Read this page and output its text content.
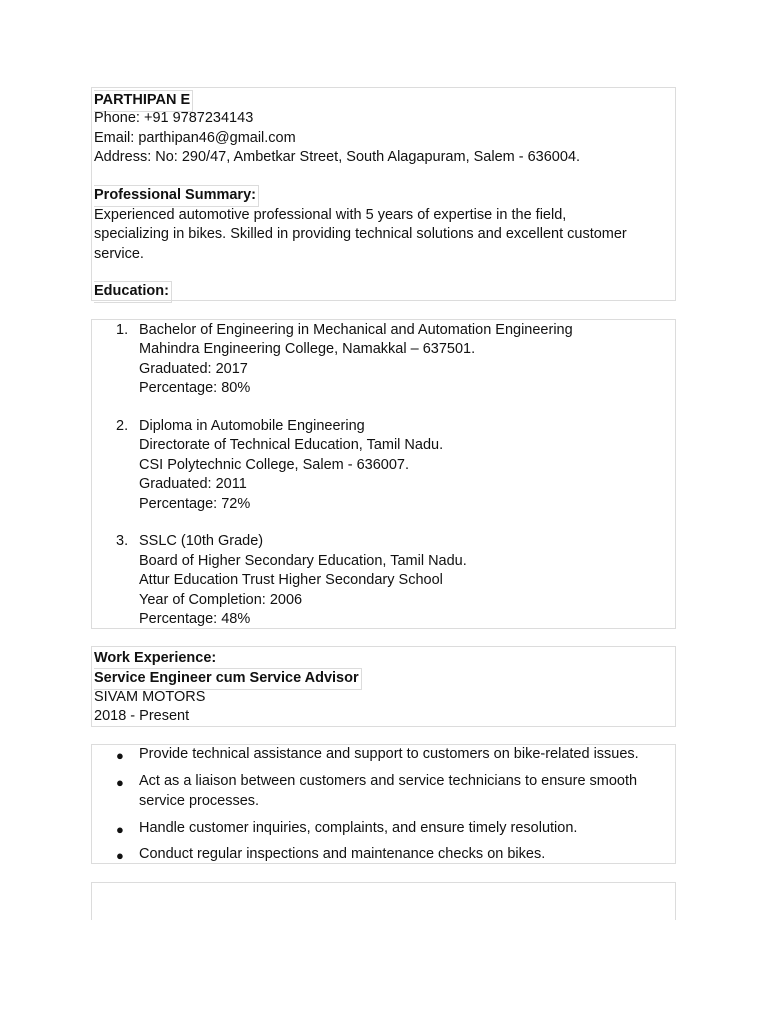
PARTHIPAN E
Phone: +91 9787234143
Email: parthipan46@gmail.com
Address: No: 290/47, Ambetkar Street, South Alagapuram, Salem - 636004.
Professional Summary:
Experienced automotive professional with 5 years of expertise in the field,
specializing in bikes. Skilled in providing technical solutions and excellent customer
service.
Education:
1. Bachelor of Engineering in Mechanical and Automation Engineering
Mahindra Engineering College, Namakkal – 637501.
Graduated: 2017
Percentage: 80%
2. Diploma in Automobile Engineering
Directorate of Technical Education, Tamil Nadu.
CSI Polytechnic College, Salem - 636007.
Graduated: 2011
Percentage: 72%
3. SSLC (10th Grade)
Board of Higher Secondary Education, Tamil Nadu.
Attur Education Trust Higher Secondary School
Year of Completion: 2006
Percentage: 48%
Work Experience:
Service Engineer cum Service Advisor
SIVAM MOTORS
2018 - Present
● Provide technical assistance and support to customers on bike-related issues.
● Act as a liaison between customers and service technicians to ensure smooth
service processes.
● Handle customer inquiries, complaints, and ensure timely resolution.
● Conduct regular inspections and maintenance checks on bikes.
